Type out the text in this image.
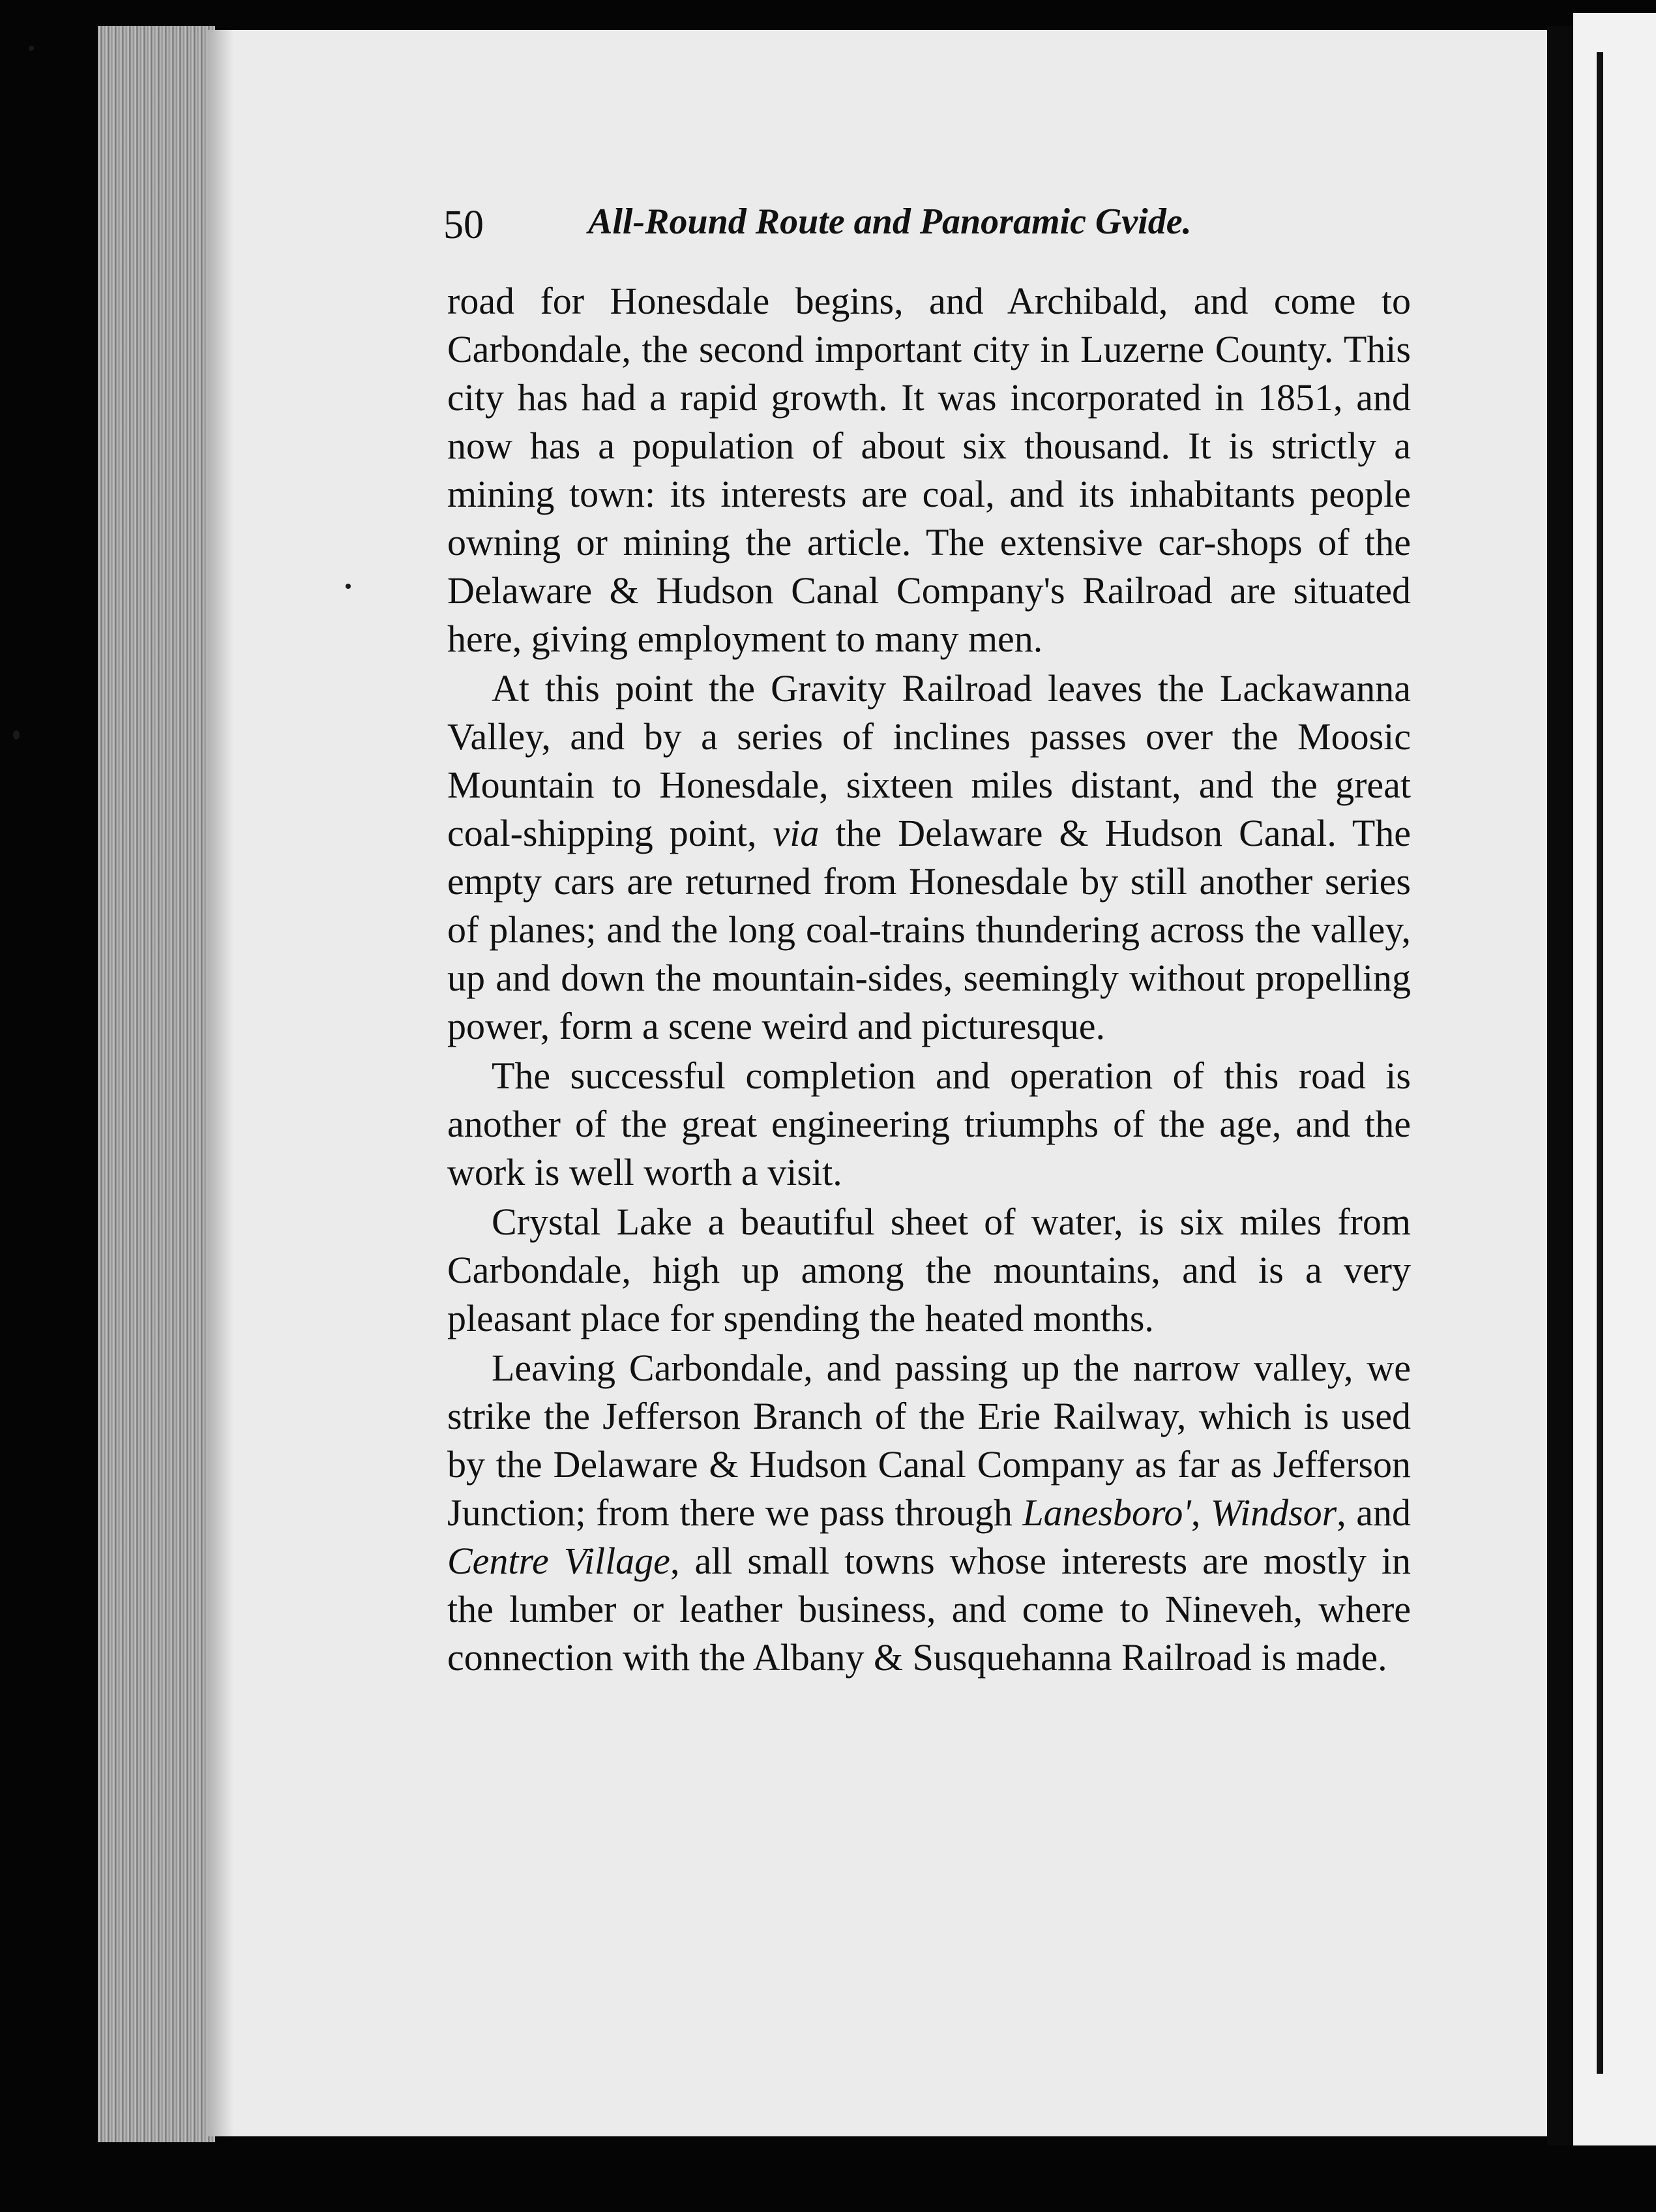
50	All-Round Route and Panoramic Gvide.

road for Honesdale begins, and Archibald, and come to Carbondale, the second important city in Luzerne County. This city has had a rapid growth. It was incorporated in 1851, and now has a population of about six thousand. It is strictly a mining town: its interests are coal, and its inhabitants people owning or mining the article. The extensive car-shops of the Delaware & Hudson Canal Company's Railroad are situated here, giving employment to many men.

At this point the Gravity Railroad leaves the Lackawanna Valley, and by a series of inclines passes over the Moosic Mountain to Honesdale, sixteen miles distant, and the great coal-shipping point, via the Delaware & Hudson Canal. The empty cars are returned from Honesdale by still another series of planes; and the long coal-trains thundering across the valley, up and down the mountain-sides, seemingly without propelling power, form a scene weird and picturesque.

The successful completion and operation of this road is another of the great engineering triumphs of the age, and the work is well worth a visit.

Crystal Lake a beautiful sheet of water, is six miles from Carbondale, high up among the mountains, and is a very pleasant place for spending the heated months.

Leaving Carbondale, and passing up the narrow valley, we strike the Jefferson Branch of the Erie Railway, which is used by the Delaware & Hudson Canal Company as far as Jefferson Junction; from there we pass through Lanesboro', Windsor, and Centre Village, all small towns whose interests are mostly in the lumber or leather business, and come to Nineveh, where connection with the Albany & Susquehanna Railroad is made.
